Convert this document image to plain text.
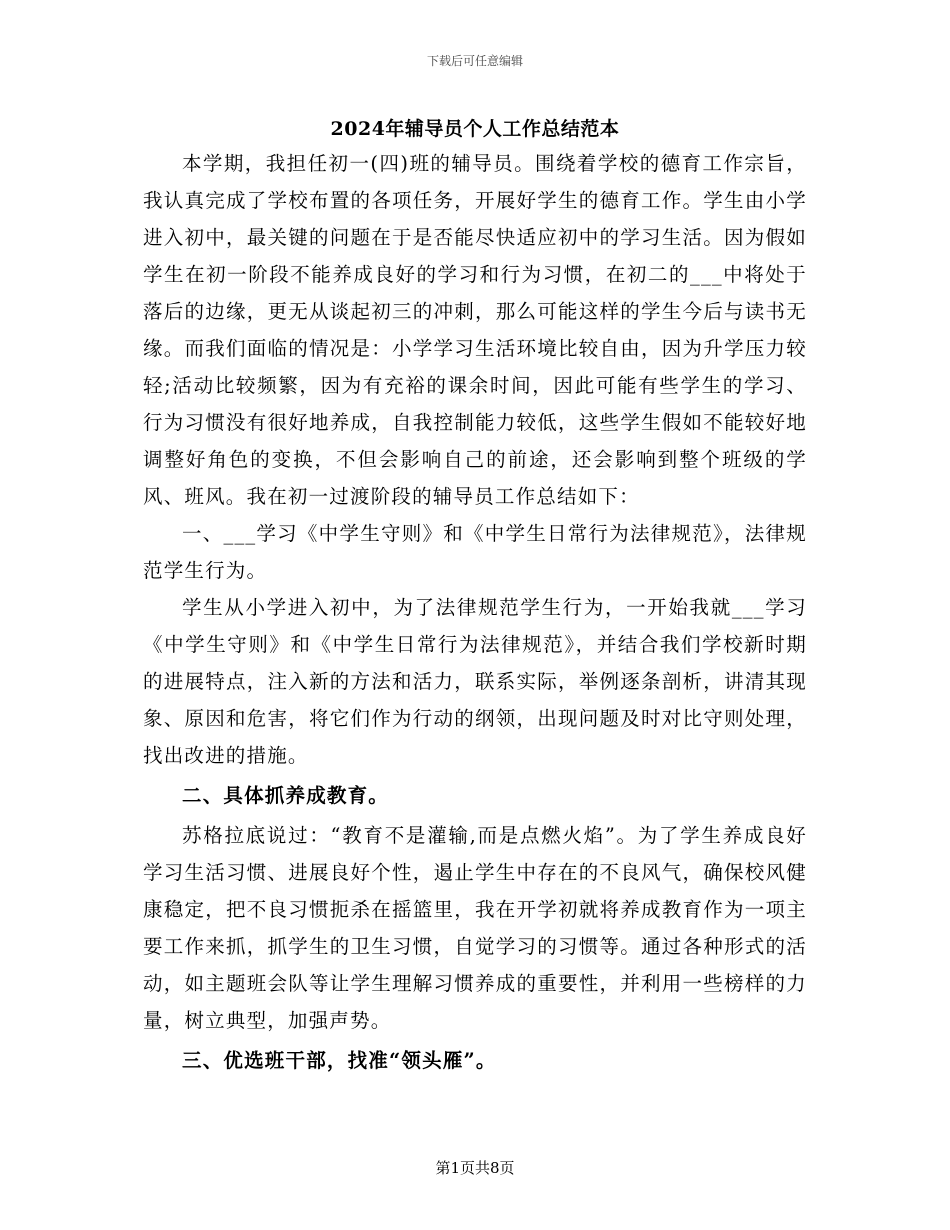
下载后可任意编辑
2024年辅导员个人工作总结范本

本学期，我担任初一(四)班的辅导员。围绕着学校的德育工作宗旨，我认真完成了学校布置的各项任务，开展好学生的德育工作。学生由小学进入初中，最关键的问题在于是否能尽快适应初中的学习生活。因为假如学生在初一阶段不能养成良好的学习和行为习惯，在初二的___中将处于落后的边缘，更无从谈起初三的冲刺，那么可能这样的学生今后与读书无缘。而我们面临的情况是：小学学习生活环境比较自由，因为升学压力较轻;活动比较频繁，因为有充裕的课余时间，因此可能有些学生的学习、行为习惯没有很好地养成，自我控制能力较低，这些学生假如不能较好地调整好角色的变换，不但会影响自己的前途，还会影响到整个班级的学风、班风。我在初一过渡阶段的辅导员工作总结如下：

一、___学习《中学生守则》和《中学生日常行为法律规范》，法律规范学生行为。

学生从小学进入初中，为了法律规范学生行为，一开始我就___学习《中学生守则》和《中学生日常行为法律规范》，并结合我们学校新时期的进展特点，注入新的方法和活力，联系实际，举例逐条剖析，讲清其现象、原因和危害，将它们作为行动的纲领，出现问题及时对比守则处理，找出改进的措施。

二、具体抓养成教育。

苏格拉底说过：“教育不是灌输,而是点燃火焰”。为了学生养成良好学习生活习惯、进展良好个性，遏止学生中存在的不良风气，确保校风健康稳定，把不良习惯扼杀在摇篮里，我在开学初就将养成教育作为一项主要工作来抓，抓学生的卫生习惯，自觉学习的习惯等。通过各种形式的活动，如主题班会队等让学生理解习惯养成的重要性，并利用一些榜样的力量，树立典型，加强声势。

三、优选班干部，找准“领头雁”。

第1页共8页
